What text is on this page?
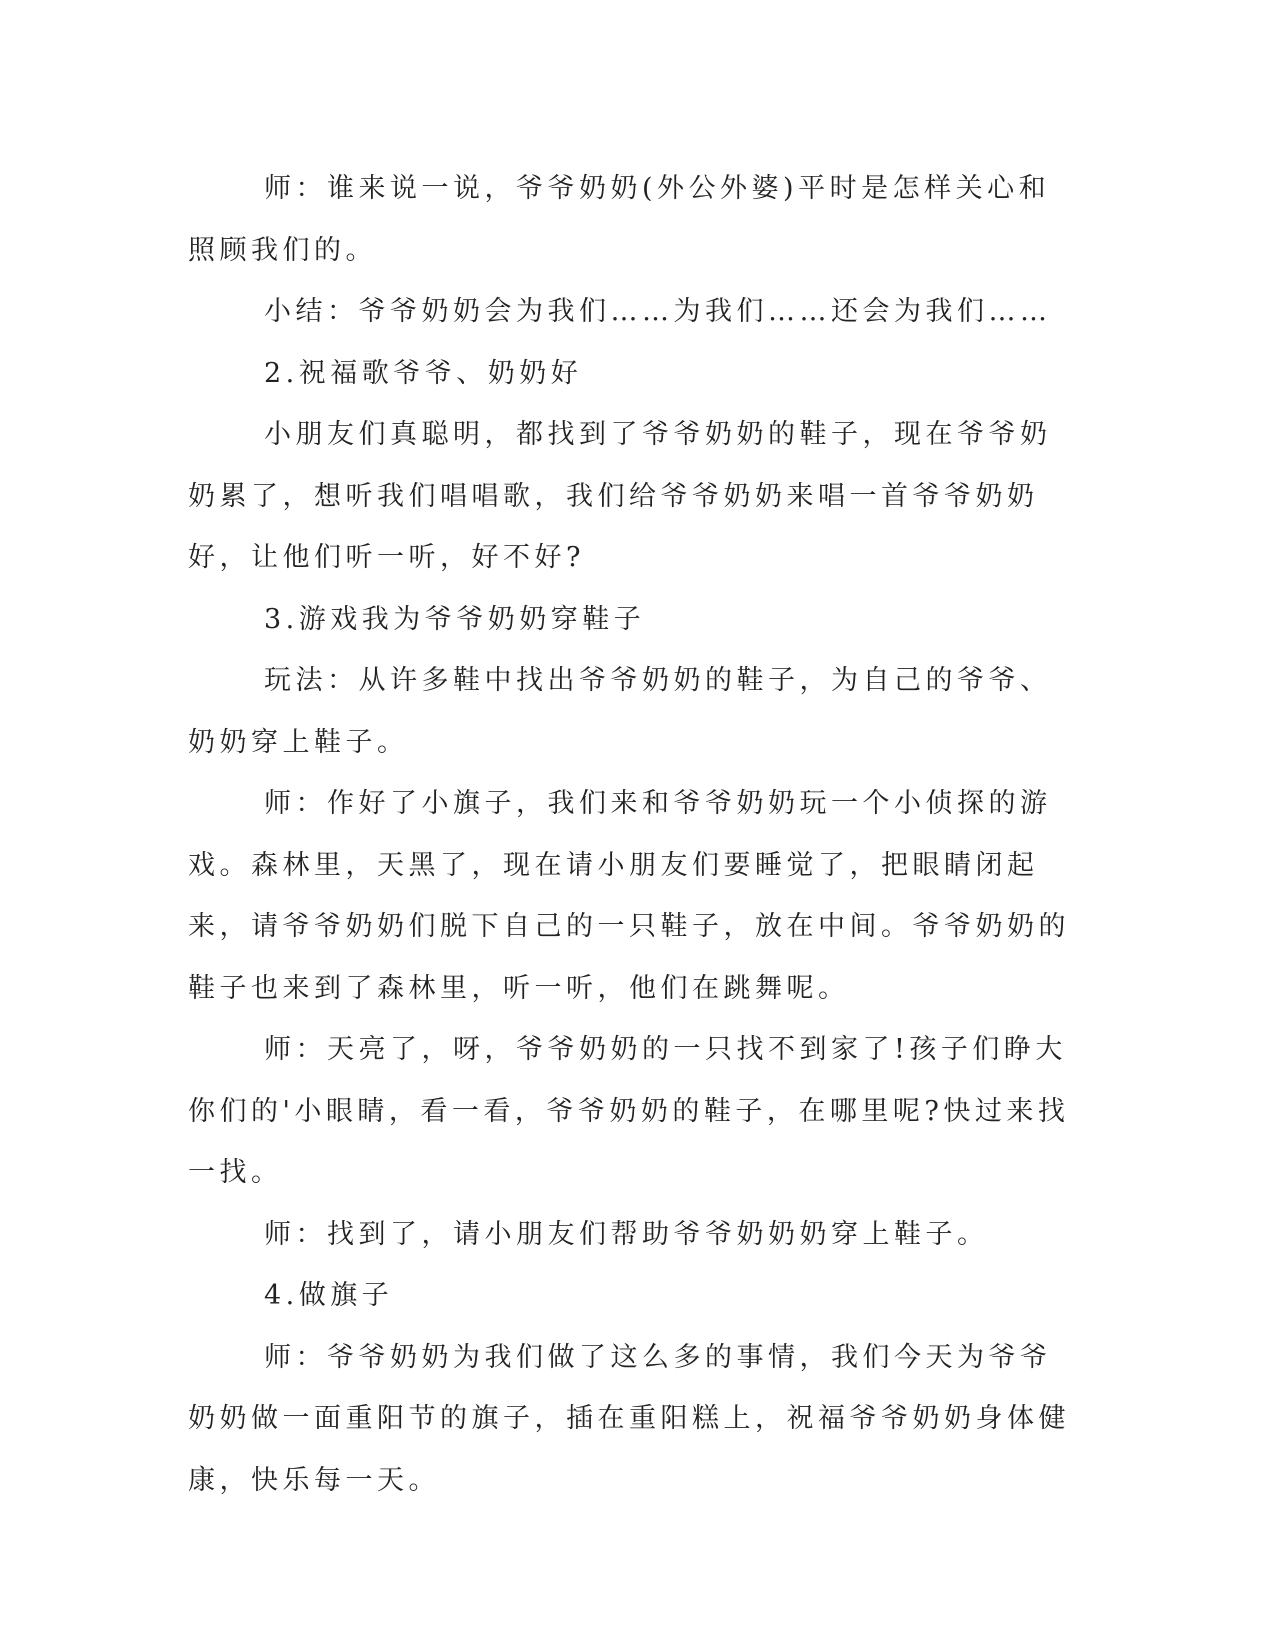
师：谁来说一说，爷爷奶奶(外公外婆)平时是怎样关心和照顾我们的。

小结：爷爷奶奶会为我们……为我们……还会为我们……

2.祝福歌爷爷、奶奶好

小朋友们真聪明，都找到了爷爷奶奶的鞋子，现在爷爷奶奶累了，想听我们唱唱歌，我们给爷爷奶奶来唱一首爷爷奶奶好，让他们听一听，好不好?

3.游戏我为爷爷奶奶穿鞋子

玩法：从许多鞋中找出爷爷奶奶的鞋子，为自己的爷爷、奶奶穿上鞋子。

师：作好了小旗子，我们来和爷爷奶奶玩一个小侦探的游戏。森林里，天黑了，现在请小朋友们要睡觉了，把眼睛闭起来，请爷爷奶奶们脱下自己的一只鞋子，放在中间。爷爷奶奶的鞋子也来到了森林里，听一听，他们在跳舞呢。

师：天亮了，呀，爷爷奶奶的一只找不到家了!孩子们睁大你们的'小眼睛，看一看，爷爷奶奶的鞋子，在哪里呢?快过来找一找。

师：找到了，请小朋友们帮助爷爷奶奶奶穿上鞋子。

4.做旗子

师：爷爷奶奶为我们做了这么多的事情，我们今天为爷爷奶奶做一面重阳节的旗子，插在重阳糕上，祝福爷爷奶奶身体健康，快乐每一天。
